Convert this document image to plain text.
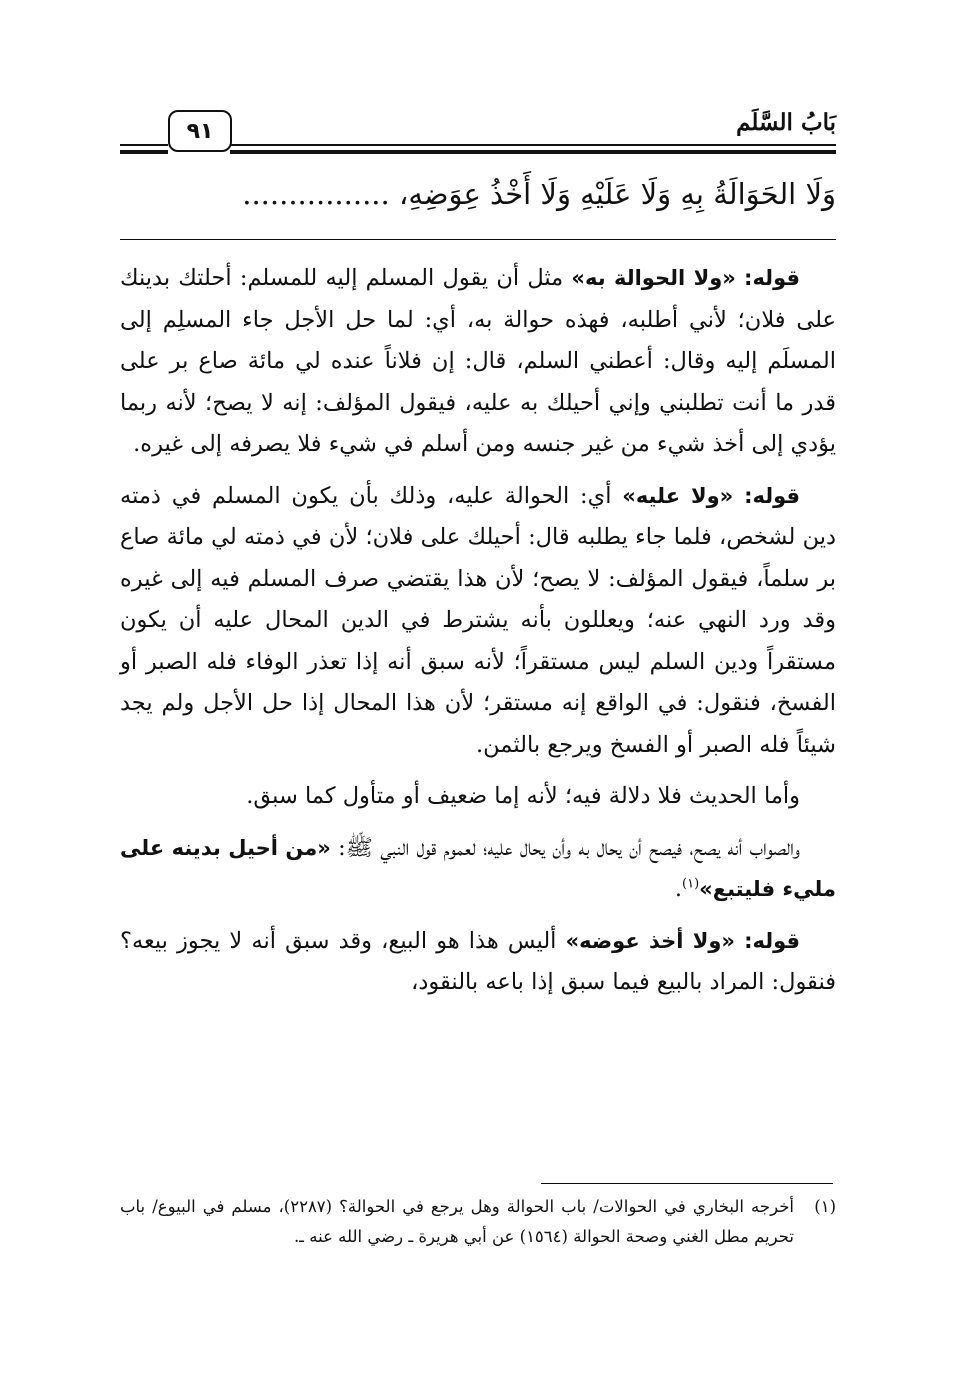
بَابُ السَّلَم
٩١
وَلَا الحَوَالَةُ بِهِ وَلَا عَلَيْهِ وَلَا أَخْذُ عِوَضِهِ، ................

قوله: «ولا الحوالة به» مثل أن يقول المسلم إليه للمسلم: أحلتك بدينك على فلان؛ لأني أطلبه، فهذه حوالة به، أي: لما حل الأجل جاء المسلِم إلى المسلَم إليه وقال: أعطني السلم، قال: إن فلاناً عنده لي مائة صاع بر على قدر ما أنت تطلبني وإني أحيلك به عليه، فيقول المؤلف: إنه لا يصح؛ لأنه ربما يؤدي إلى أخذ شيء من غير جنسه ومن أسلم في شيء فلا يصرفه إلى غيره.

قوله: «ولا عليه» أي: الحوالة عليه، وذلك بأن يكون المسلم في ذمته دين لشخص، فلما جاء يطلبه قال: أحيلك على فلان؛ لأن في ذمته لي مائة صاع بر سلماً، فيقول المؤلف: لا يصح؛ لأن هذا يقتضي صرف المسلم فيه إلى غيره وقد ورد النهي عنه؛ ويعللون بأنه يشترط في الدين المحال عليه أن يكون مستقراً ودين السلم ليس مستقراً؛ لأنه سبق أنه إذا تعذر الوفاء فله الصبر أو الفسخ، فنقول: في الواقع إنه مستقر؛ لأن هذا المحال إذا حل الأجل ولم يجد شيئاً فله الصبر أو الفسخ ويرجع بالثمن.

وأما الحديث فلا دلالة فيه؛ لأنه إما ضعيف أو متأول كما سبق.

والصواب أنه يصح، فيصح أن يحال به وأن يحال عليه؛ لعموم قول النبي ﷺ: «من أحيل بدينه على مليء فليتبع»$^{(١)}$.

قوله: «ولا أخذ عوضه» أليس هذا هو البيع، وقد سبق أنه لا يجوز بيعه؟ فنقول: المراد بالبيع فيما سبق إذا باعه بالنقود،

(١)
أخرجه البخاري في الحوالات/ باب الحوالة وهل يرجع في الحوالة؟ (٢٢٨٧)، مسلم في البيوع/ باب تحريم مطل الغني وصحة الحوالة (١٥٦٤) عن أبي هريرة ـ رضي الله عنه ـ.
